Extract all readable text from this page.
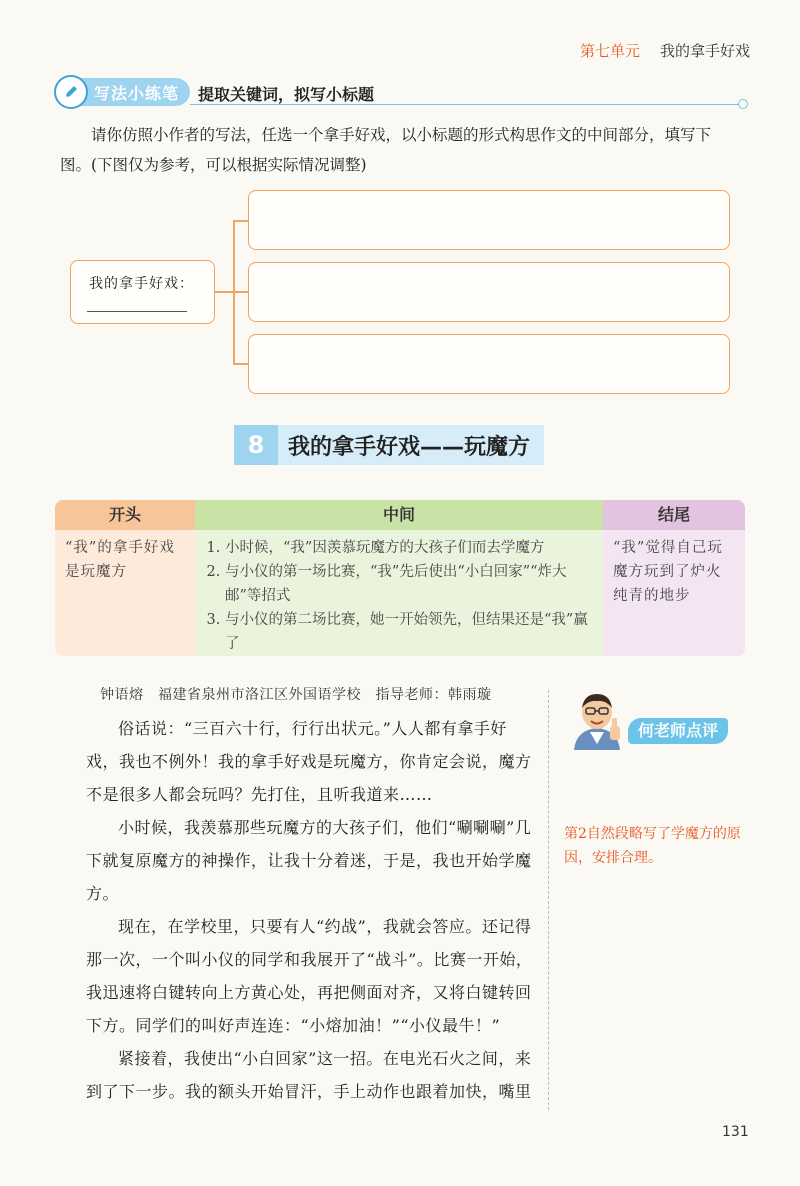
第七单元 我的拿手好戏
写法小练笔 提取关键词，拟写小标题
请你仿照小作者的写法，任选一个拿手好戏，以小标题的形式构思作文的中间部分，填写下图。(下图仅为参考，可以根据实际情况调整)
我的拿手好戏：
8	我的拿手好戏——玩魔方
开头
“我”的拿手好戏是玩魔方
中间
1. 小时候，“我”因羡慕玩魔方的大孩子们而去学魔方
2. 与小仪的第一场比赛，“我”先后使出“小白回家”“炸大邮”等招式
3. 与小仪的第二场比赛，她一开始领先，但结果还是“我”赢了
结尾
“我”觉得自己玩魔方玩到了炉火纯青的地步
钟语熔　福建省泉州市洛江区外国语学校　指导老师：韩雨璇

俗话说：“三百六十行，行行出状元。”人人都有拿手好戏，我也不例外！我的拿手好戏是玩魔方，你肯定会说，魔方不是很多人都会玩吗？先打住，且听我道来……

小时候，我羡慕那些玩魔方的大孩子们，他们“唰唰唰”几下就复原魔方的神操作，让我十分着迷，于是，我也开始学魔方。

现在，在学校里，只要有人“约战”，我就会答应。还记得那一次，一个叫小仪的同学和我展开了“战斗”。比赛一开始，我迅速将白键转向上方黄心处，再把侧面对齐，又将白键转回下方。同学们的叫好声连连：“小熔加油！”“小仪最牛！”

紧接着，我使出“小白回家”这一招。在电光石火之间，来到了下一步。我的额头开始冒汗，手上动作也跟着加快，嘴里

何老师点评
第2自然段略写了学魔方的原因，安排合理。
131
